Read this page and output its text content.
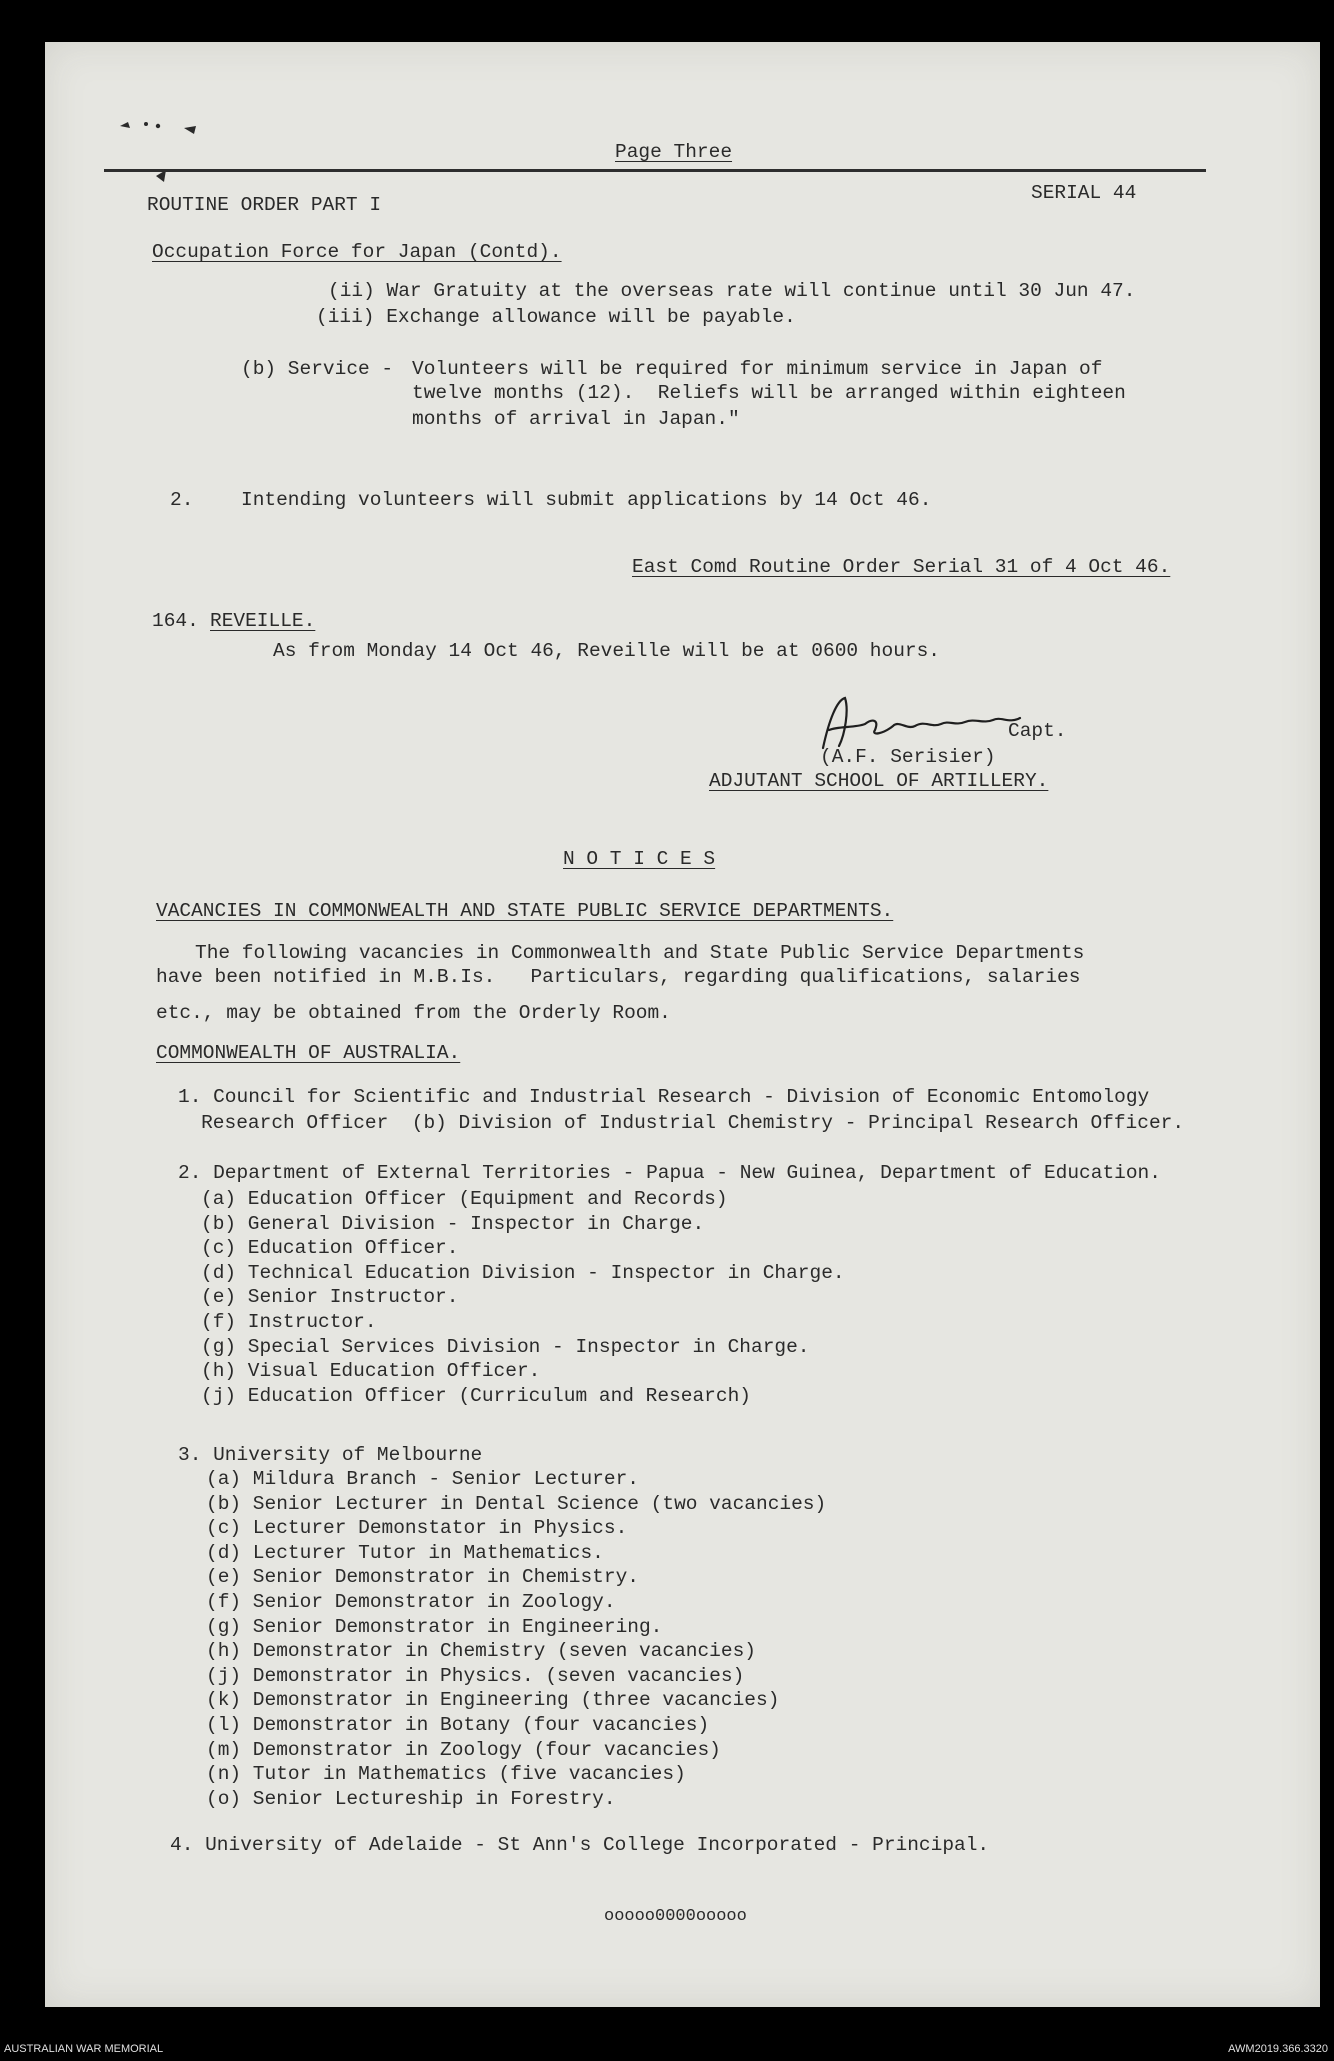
Page Three
ROUTINE ORDER PART I
SERIAL 44
Occupation Force for Japan (Contd).
(ii) War Gratuity at the overseas rate will continue until 30 Jun 47.
(iii) Exchange allowance will be payable.
(b) Service - Volunteers will be required for minimum service in Japan of
twelve months (12).  Reliefs will be arranged within eighteen
months of arrival in Japan."
2. Intending volunteers will submit applications by 14 Oct 46.
East Comd Routine Order Serial 31 of 4 Oct 46.
164. REVEILLE.
As from Monday 14 Oct 46, Reveille will be at 0600 hours.
Capt.
(A.F. Serisier)
ADJUTANT SCHOOL OF ARTILLERY.
N O T I C E S
VACANCIES IN COMMONWEALTH AND STATE PUBLIC SERVICE DEPARTMENTS.
The following vacancies in Commonwealth and State Public Service Departments
have been notified in M.B.Is.   Particulars, regarding qualifications, salaries
etc., may be obtained from the Orderly Room.
COMMONWEALTH OF AUSTRALIA.
1. Council for Scientific and Industrial Research - Division of Economic Entomology
Research Officer  (b) Division of Industrial Chemistry - Principal Research Officer.
2. Department of External Territories - Papua - New Guinea, Department of Education.
(a) Education Officer (Equipment and Records)
(b) General Division - Inspector in Charge.
(c) Education Officer.
(d) Technical Education Division - Inspector in Charge.
(e) Senior Instructor.
(f) Instructor.
(g) Special Services Division - Inspector in Charge.
(h) Visual Education Officer.
(j) Education Officer (Curriculum and Research)
3. University of Melbourne
(a) Mildura Branch - Senior Lecturer.
(b) Senior Lecturer in Dental Science (two vacancies)
(c) Lecturer Demonstator in Physics.
(d) Lecturer Tutor in Mathematics.
(e) Senior Demonstrator in Chemistry.
(f) Senior Demonstrator in Zoology.
(g) Senior Demonstrator in Engineering.
(h) Demonstrator in Chemistry (seven vacancies)
(j) Demonstrator in Physics. (seven vacancies)
(k) Demonstrator in Engineering (three vacancies)
(l) Demonstrator in Botany (four vacancies)
(m) Demonstrator in Zoology (four vacancies)
(n) Tutor in Mathematics (five vacancies)
(o) Senior Lectureship in Forestry.
4. University of Adelaide - St Ann's College Incorporated - Principal.
ooooo0000ooooo
AUSTRALIAN WAR MEMORIAL	AWM2019.366.3320
